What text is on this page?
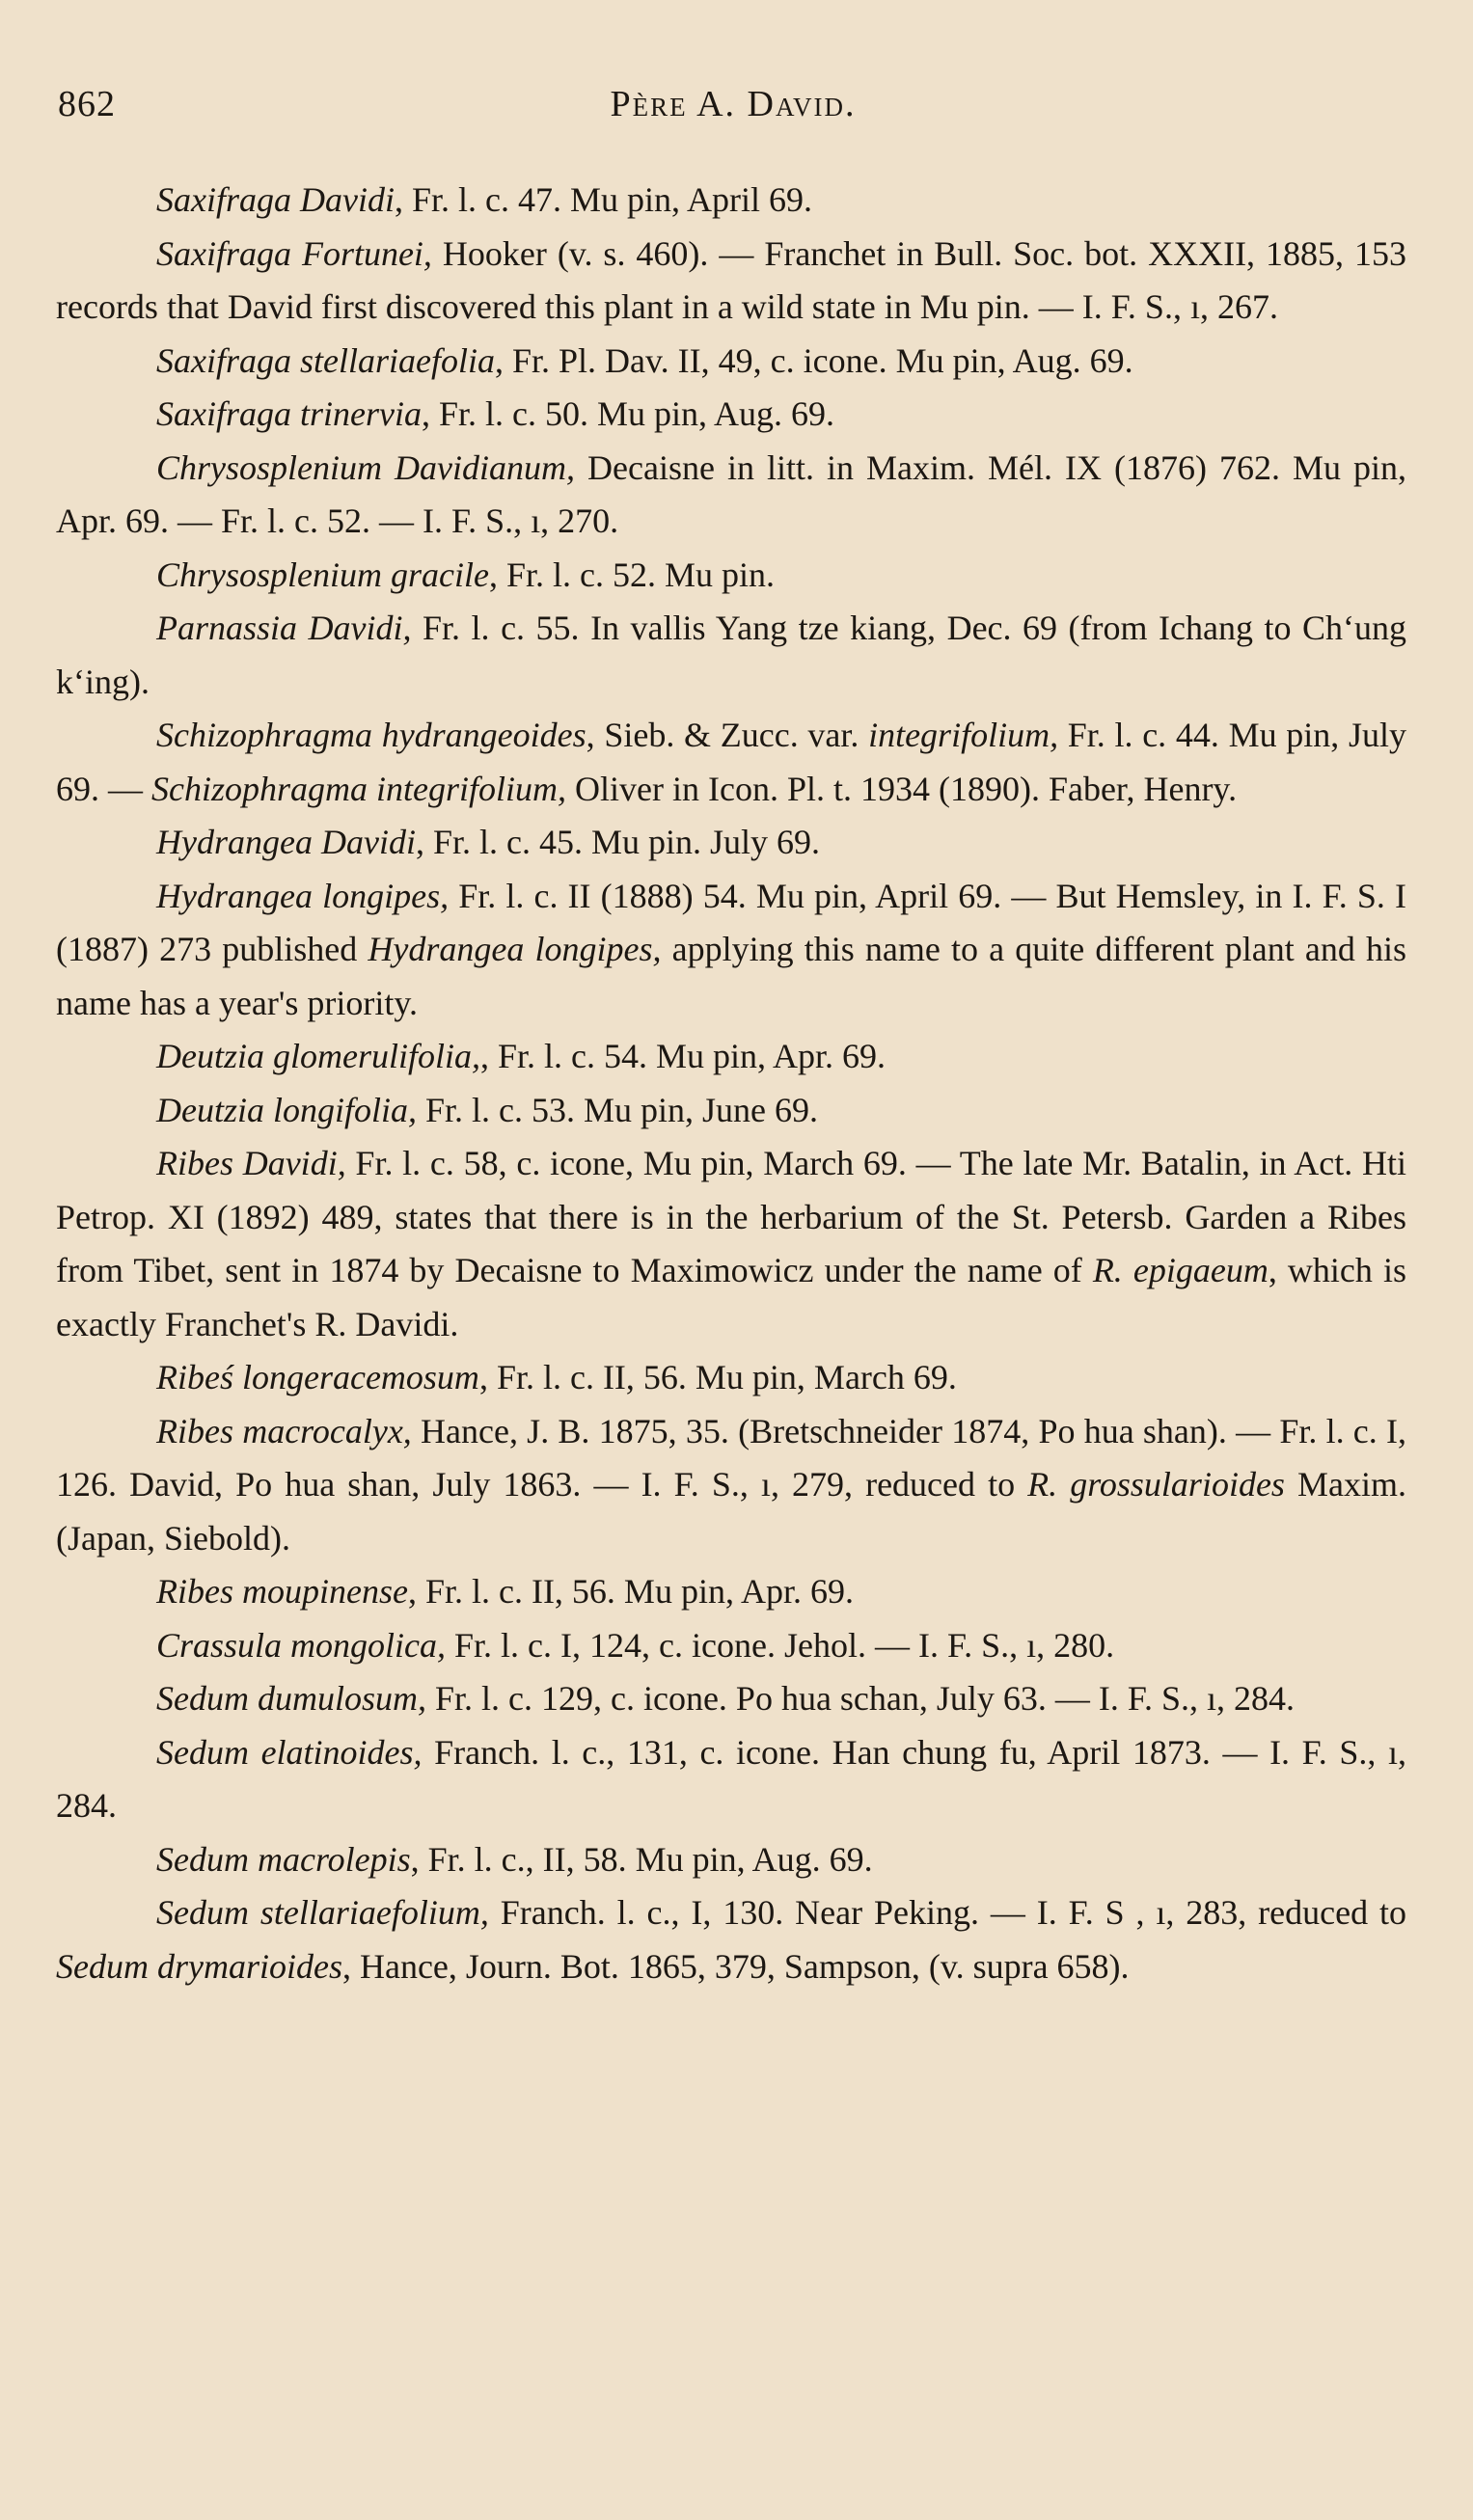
862	Père A. David.

Saxifraga Davidi, Fr. l. c. 47. Mu pin, April 69.

Saxifraga Fortunei, Hooker (v. s. 460). — Franchet in Bull. Soc. bot. XXXII, 1885, 153 records that David first discovered this plant in a wild state in Mu pin. — I. F. S., ı, 267.

Saxifraga stellariaefolia, Fr. Pl. Dav. II, 49, c. icone. Mu pin, Aug. 69.

Saxifraga trinervia, Fr. l. c. 50. Mu pin, Aug. 69.

Chrysosplenium Davidianum, Decaisne in litt. in Maxim. Mél. IX (1876) 762. Mu pin, Apr. 69. — Fr. l. c. 52. — I. F. S., ı, 270.

Chrysosplenium gracile, Fr. l. c. 52. Mu pin.

Parnassia Davidi, Fr. l. c. 55. In vallis Yang tze kiang, Dec. 69 (from Ichang to Chʻung kʻing).

Schizophragma hydrangeoides, Sieb. & Zucc. var. integrifolium, Fr. l. c. 44. Mu pin, July 69. — Schizophragma integrifolium, Oliver in Icon. Pl. t. 1934 (1890). Faber, Henry.

Hydrangea Davidi, Fr. l. c. 45. Mu pin. July 69.

Hydrangea longipes, Fr. l. c. II (1888) 54. Mu pin, April 69. — But Hemsley, in I. F. S. I (1887) 273 published Hydrangea longipes, applying this name to a quite different plant and his name has a year's priority.

Deutzia glomerulifolia,, Fr. l. c. 54. Mu pin, Apr. 69.

Deutzia longifolia, Fr. l. c. 53. Mu pin, June 69.

Ribes Davidi, Fr. l. c. 58, c. icone, Mu pin, March 69. — The late Mr. Batalin, in Act. Hti Petrop. XI (1892) 489, states that there is in the herbarium of the St. Petersb. Garden a Ribes from Tibet, sent in 1874 by Decaisne to Maximowicz under the name of R. epigaeum, which is exactly Franchet's R. Davidi.

Ribeś longeracemosum, Fr. l. c. II, 56. Mu pin, March 69.

Ribes macrocalyx, Hance, J. B. 1875, 35. (Bretschneider 1874, Po hua shan). — Fr. l. c. I, 126. David, Po hua shan, July 1863. — I. F. S., ı, 279, reduced to R. grossularioides Maxim. (Japan, Siebold).

Ribes moupinense, Fr. l. c. II, 56. Mu pin, Apr. 69.

Crassula mongolica, Fr. l. c. I, 124, c. icone. Jehol. — I. F. S., ı, 280.

Sedum dumulosum, Fr. l. c. 129, c. icone. Po hua schan, July 63. — I. F. S., ı, 284.

Sedum elatinoides, Franch. l. c., 131, c. icone. Han chung fu, April 1873. — I. F. S., ı, 284.

Sedum macrolepis, Fr. l. c., II, 58. Mu pin, Aug. 69.

Sedum stellariaefolium, Franch. l. c., I, 130. Near Peking. — I. F. S , ı, 283, reduced to Sedum drymarioides, Hance, Journ. Bot. 1865, 379, Sampson, (v. supra 658).
